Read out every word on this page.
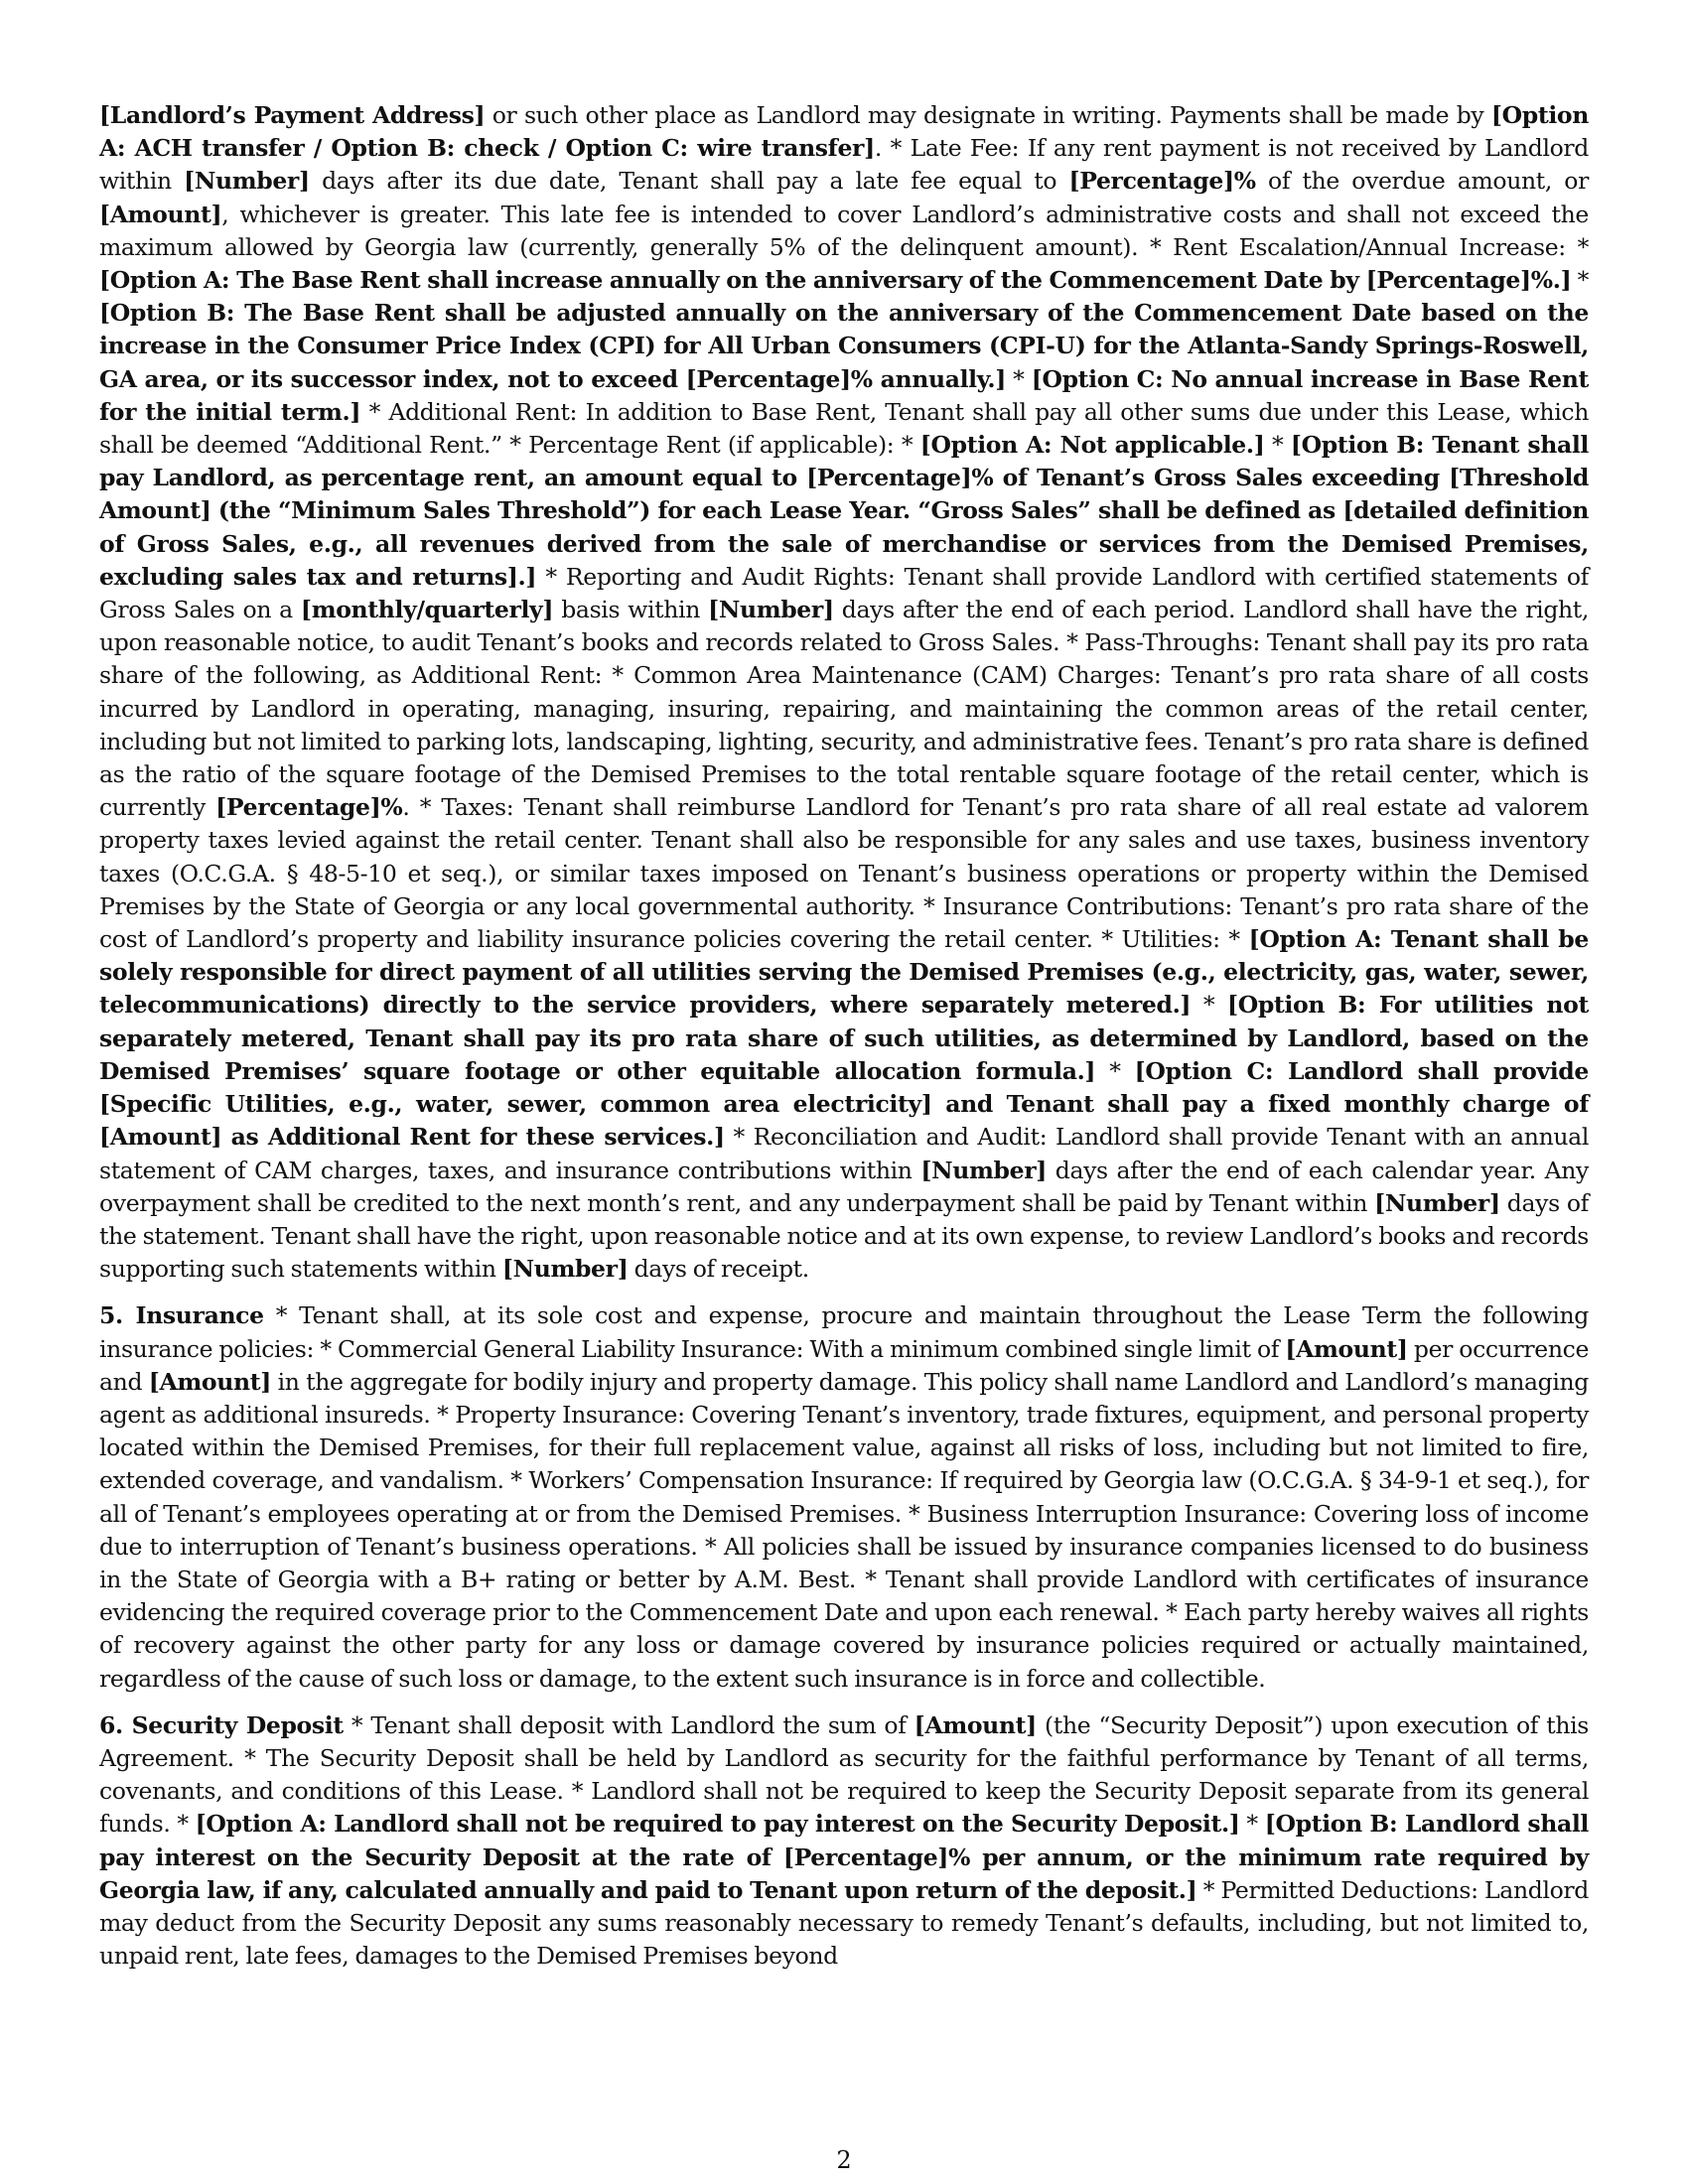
[Landlord’s Payment Address] or such other place as Landlord may designate in writing. Payments shall be made by [Option A: ACH transfer / Option B: check / Option C: wire transfer]. * Late Fee: If any rent payment is not received by Landlord within [Number] days after its due date, Tenant shall pay a late fee equal to [Percentage]% of the overdue amount, or [Amount], whichever is greater. This late fee is intended to cover Landlord’s administrative costs and shall not exceed the maximum allowed by Georgia law (currently, generally 5% of the delinquent amount). * Rent Escalation/Annual Increase: * [Option A: The Base Rent shall increase annually on the anniversary of the Commencement Date by [Percentage]%.] * [Option B: The Base Rent shall be adjusted annually on the anniversary of the Commencement Date based on the increase in the Consumer Price Index (CPI) for All Urban Consumers (CPI-U) for the Atlanta-Sandy Springs-Roswell, GA area, or its successor index, not to exceed [Percentage]% annually.] * [Option C: No annual increase in Base Rent for the initial term.] * Additional Rent: In addition to Base Rent, Tenant shall pay all other sums due under this Lease, which shall be deemed “Additional Rent.” * Percentage Rent (if applicable): * [Option A: Not applicable.] * [Option B: Tenant shall pay Landlord, as percentage rent, an amount equal to [Percentage]% of Tenant’s Gross Sales exceeding [Threshold Amount] (the “Minimum Sales Threshold”) for each Lease Year. “Gross Sales” shall be defined as [detailed definition of Gross Sales, e.g., all revenues derived from the sale of merchandise or services from the Demised Premises, excluding sales tax and returns].] * Reporting and Audit Rights: Tenant shall provide Landlord with certified statements of Gross Sales on a [monthly/quarterly] basis within [Number] days after the end of each period. Landlord shall have the right, upon reasonable notice, to audit Tenant’s books and records related to Gross Sales. * Pass-Throughs: Tenant shall pay its pro rata share of the following, as Additional Rent: * Common Area Maintenance (CAM) Charges: Tenant’s pro rata share of all costs incurred by Landlord in operating, managing, insuring, repairing, and maintaining the common areas of the retail center, including but not limited to parking lots, landscaping, lighting, security, and administrative fees. Tenant’s pro rata share is defined as the ratio of the square footage of the Demised Premises to the total rentable square footage of the retail center, which is currently [Percentage]%. * Taxes: Tenant shall reimburse Landlord for Tenant’s pro rata share of all real estate ad valorem property taxes levied against the retail center. Tenant shall also be responsible for any sales and use taxes, business inventory taxes (O.C.G.A. § 48-5-10 et seq.), or similar taxes imposed on Tenant’s business operations or property within the Demised Premises by the State of Georgia or any local governmental authority. * Insurance Contributions: Tenant’s pro rata share of the cost of Landlord’s property and liability insurance policies covering the retail center. * Utilities: * [Option A: Tenant shall be solely responsible for direct payment of all utilities serving the Demised Premises (e.g., electricity, gas, water, sewer, telecommunications) directly to the service providers, where separately metered.] * [Option B: For utilities not separately metered, Tenant shall pay its pro rata share of such utilities, as determined by Landlord, based on the Demised Premises’ square footage or other equitable allocation formula.] * [Option C: Landlord shall provide [Specific Utilities, e.g., water, sewer, common area electricity] and Tenant shall pay a fixed monthly charge of [Amount] as Additional Rent for these services.] * Reconciliation and Audit: Landlord shall provide Tenant with an annual statement of CAM charges, taxes, and insurance contributions within [Number] days after the end of each calendar year. Any overpayment shall be credited to the next month’s rent, and any underpayment shall be paid by Tenant within [Number] days of the statement. Tenant shall have the right, upon reasonable notice and at its own expense, to review Landlord’s books and records supporting such statements within [Number] days of receipt.

5. Insurance * Tenant shall, at its sole cost and expense, procure and maintain throughout the Lease Term the following insurance policies: * Commercial General Liability Insurance: With a minimum combined single limit of [Amount] per occurrence and [Amount] in the aggregate for bodily injury and property damage. This policy shall name Landlord and Landlord’s managing agent as additional insureds. * Property Insurance: Covering Tenant’s inventory, trade fixtures, equipment, and personal property located within the Demised Premises, for their full replacement value, against all risks of loss, including but not limited to fire, extended coverage, and vandalism. * Workers’ Compensation Insurance: If required by Georgia law (O.C.G.A. § 34-9-1 et seq.), for all of Tenant’s employees operating at or from the Demised Premises. * Business Interruption Insurance: Covering loss of income due to interruption of Tenant’s business operations. * All policies shall be issued by insurance companies licensed to do business in the State of Georgia with a B+ rating or better by A.M. Best. * Tenant shall provide Landlord with certificates of insurance evidencing the required coverage prior to the Commencement Date and upon each renewal. * Each party hereby waives all rights of recovery against the other party for any loss or damage covered by insurance policies required or actually maintained, regardless of the cause of such loss or damage, to the extent such insurance is in force and collectible.

6. Security Deposit * Tenant shall deposit with Landlord the sum of [Amount] (the “Security Deposit”) upon execution of this Agreement. * The Security Deposit shall be held by Landlord as security for the faithful performance by Tenant of all terms, covenants, and conditions of this Lease. * Landlord shall not be required to keep the Security Deposit separate from its general funds. * [Option A: Landlord shall not be required to pay interest on the Security Deposit.] * [Option B: Landlord shall pay interest on the Security Deposit at the rate of [Percentage]% per annum, or the minimum rate required by Georgia law, if any, calculated annually and paid to Tenant upon return of the deposit.] * Permitted Deductions: Landlord may deduct from the Security Deposit any sums reasonably necessary to remedy Tenant’s defaults, including, but not limited to, unpaid rent, late fees, damages to the Demised Premises beyond

2
